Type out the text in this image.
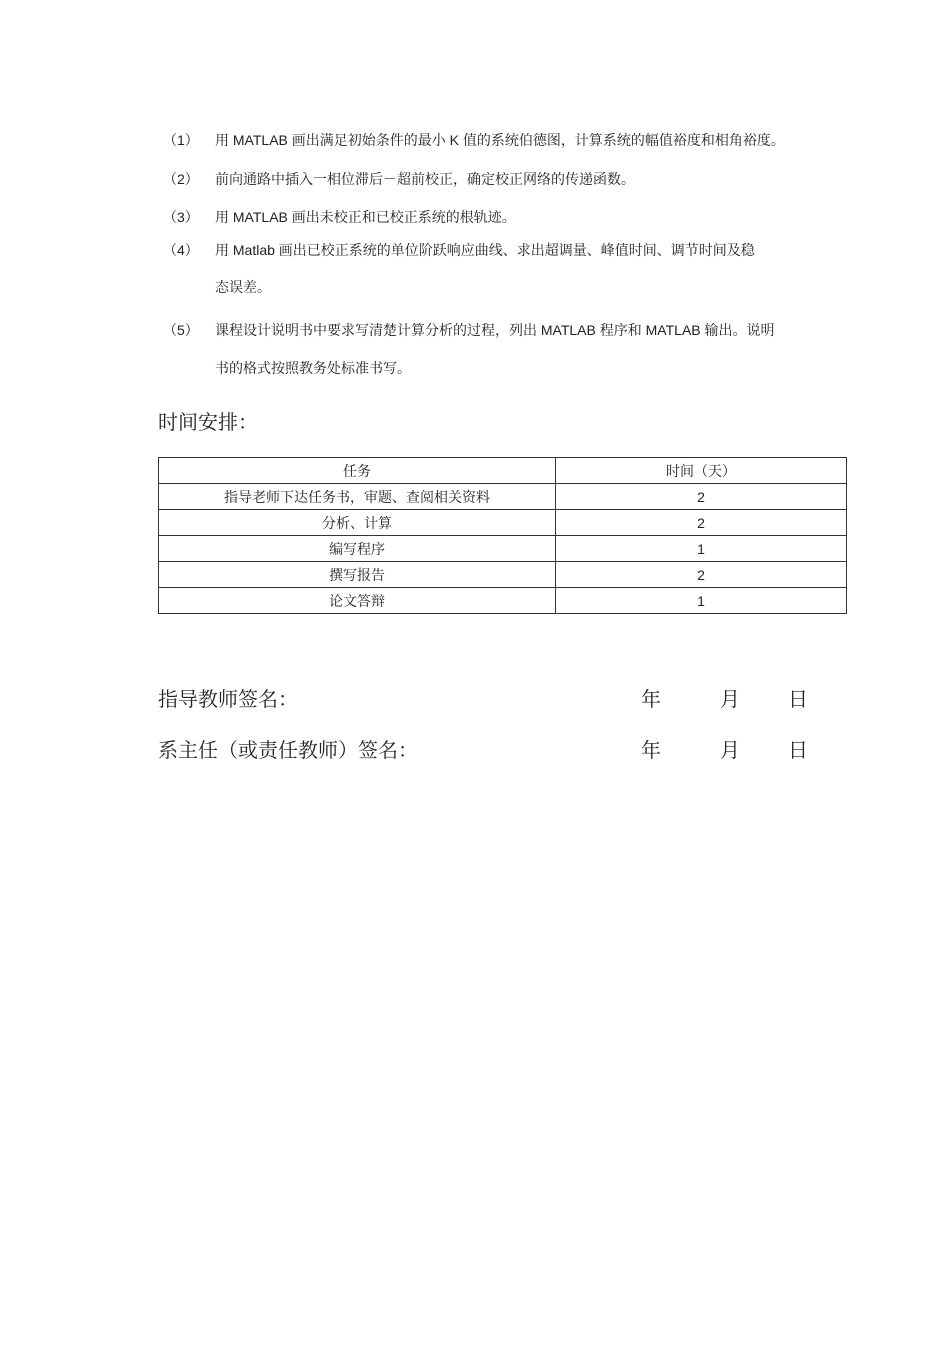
（1）	用 MATLAB 画出满足初始条件的最小 K 值的系统伯德图，计算系统的幅值裕度和相角裕度。
（2）	前向通路中插入一相位滞后－超前校正，确定校正网络的传递函数。
（3）	用 MATLAB 画出未校正和已校正系统的根轨迹。
（4）	用 Matlab 画出已校正系统的单位阶跃响应曲线、求出超调量、峰值时间、调节时间及稳
态误差。
（5）	课程设计说明书中要求写清楚计算分析的过程，列出 MATLAB 程序和 MATLAB 输出。说明
书的格式按照教务处标准书写。
时间安排：
任务	时间（天）
指导老师下达任务书，审题、查阅相关资料	2
分析、计算	2
编写程序	1
撰写报告	2
论文答辩	1
指导教师签名：	年	月 日
系主任（或责任教师）签名：	年	月 日
